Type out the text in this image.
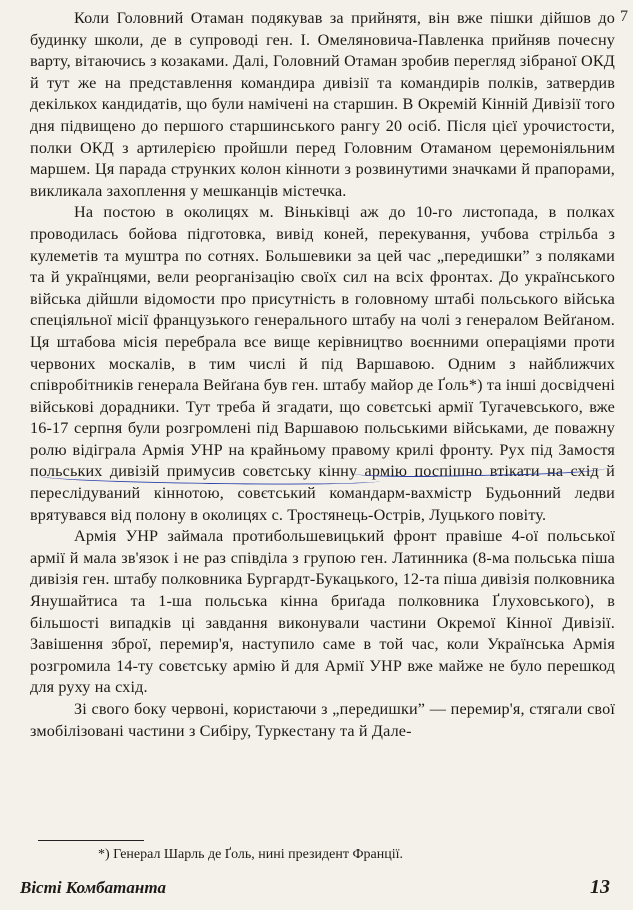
7

Коли Головний Отаман подякував за прийнятя, він вже пішки дійшов до будинку школи, де в супроводі ген. І. Омеляновича-Павленка прийняв почесну варту, вітаючись з козаками. Далі, Головний Отаман зробив перегляд зібраної ОКД й тут же на представлення командира дивізії та командирів полків, затвердив декількох кандидатів, що були намічені на старшин. В Окремій Кінній Дивізії того дня підвищено до першого старшинського рангу 20 осіб. Після цієї урочистости, полки ОКД з артилерією пройшли перед Головним Отаманом церемоніяльним маршем. Ця парада струнких колон кінноти з розвинутими значками й прапорами, викликала захоплення у мешканців містечка.

На постою в околицях м. Віньківці аж до 10-го листопада, в полках проводилась бойова підготовка, вивід коней, перекування, учбова стрільба з кулеметів та муштра по сотнях. Большевики за цей час „передишки” з поляками та й українцями, вели реорганізацію своїх сил на всіх фронтах. До українського війська дійшли відомости про присутність в головному штабі польського війська спеціяльної місії французького генерального штабу на чолі з генералом Вейґаном. Ця штабова місія перебрала все вище керівництво воєнними операціями проти червоних москалів, в тим числі й під Варшавою. Одним з найближчих співробітників генерала Вейґана був ген. штабу майор де Ґоль*) та інші досвідчені військові дорадники. Тут треба й згадати, що совєтські армії Тугачевського, вже 16-17 серпня були розгромлені під Варшавою польськими військами, де поважну ролю відіграла Армія УНР на крайньому правому крилі фронту. Рух під Замостя польських дивізій примусив совєтську кінну армію поспішно втікати на схід й переслідуваний кіннотою, совєтський командарм-вахмістр Будьонний ледви врятувався від полону в околицях с. Тростянець-Острів, Луцького повіту.

Армія УНР займала протибольшевицький фронт правіше 4-ої польської армії й мала зв'язок і не раз співділа з групою ген. Латинника (8-ма польська піша дивізія ген. штабу полковника Бургардт-Букацького, 12-та піша дивізія полковника Янушайтиса та 1-ша польська кінна бриґада полковника Ґлуховського), в більшості випадків ці завдання виконували частини Окремої Кінної Дивізії. Завішення зброї, перемир'я, наступило саме в той час, коли Українська Армія розгромила 14-ту совєтську армію й для Армії УНР вже майже не було перешкод для руху на схід.

Зі свого боку червоні, користаючи з „передишки” — перемир'я, стягали свої змобілізовані частини з Сибіру, Туркестану та й Дале-

*) Генерал Шарль де Ґоль, нині президент Франції.
Вісті Комбатанта	13
